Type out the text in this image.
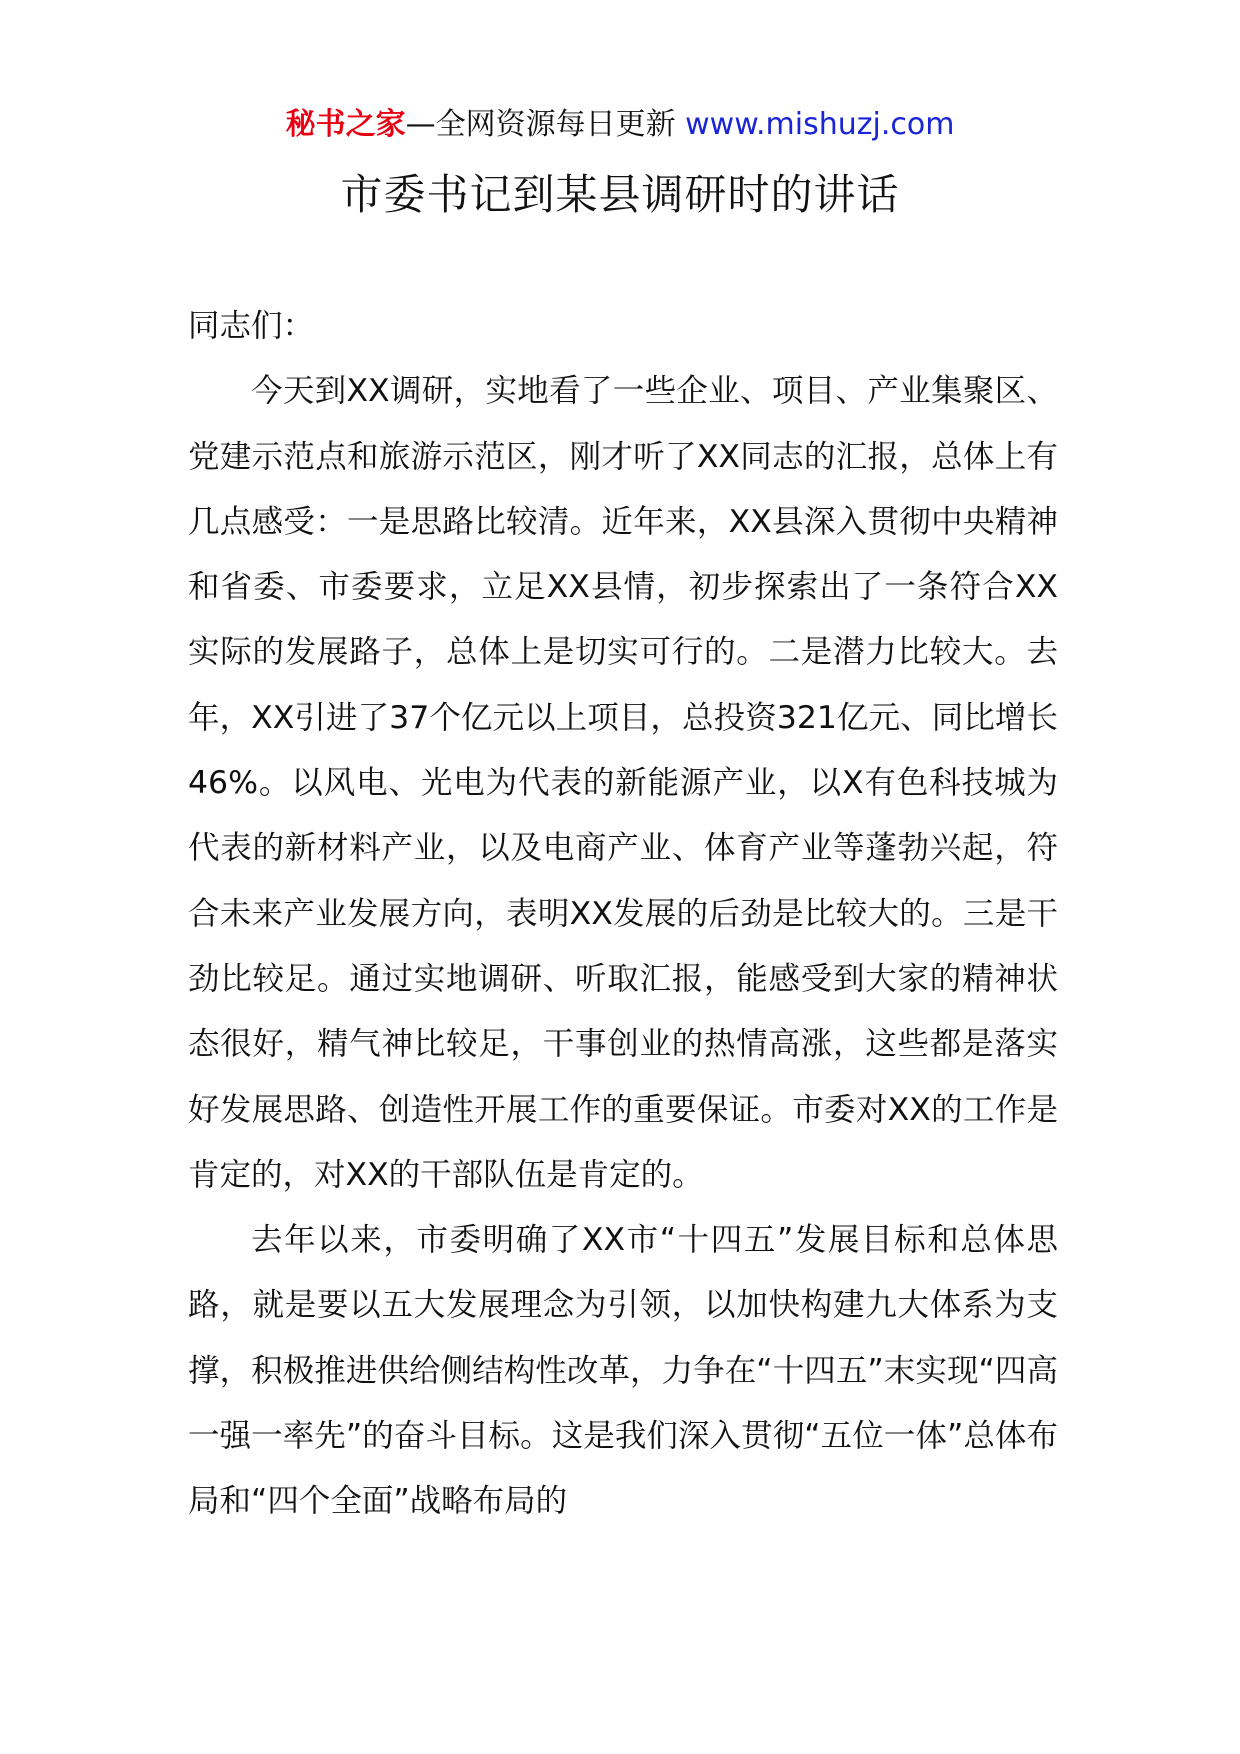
秘书之家—全网资源每日更新 www.mishuzj.com
市委书记到某县调研时的讲话

同志们：

今天到XX调研，实地看了一些企业、项目、产业集聚区、党建示范点和旅游示范区，刚才听了XX同志的汇报，总体上有几点感受：一是思路比较清。近年来，XX县深入贯彻中央精神和省委、市委要求，立足XX县情，初步探索出了一条符合XX实际的发展路子，总体上是切实可行的。二是潜力比较大。去年，XX引进了37个亿元以上项目，总投资321亿元、同比增长46%。以风电、光电为代表的新能源产业，以X有色科技城为代表的新材料产业，以及电商产业、体育产业等蓬勃兴起，符合未来产业发展方向，表明XX发展的后劲是比较大的。三是干劲比较足。通过实地调研、听取汇报，能感受到大家的精神状态很好，精气神比较足，干事创业的热情高涨，这些都是落实好发展思路、创造性开展工作的重要保证。市委对XX的工作是肯定的，对XX的干部队伍是肯定的。

去年以来，市委明确了XX市“十四五”发展目标和总体思路，就是要以五大发展理念为引领，以加快构建九大体系为支撑，积极推进供给侧结构性改革，力争在“十四五”末实现“四高一强一率先”的奋斗目标。这是我们深入贯彻“五位一体”总体布局和“四个全面”战略布局的
